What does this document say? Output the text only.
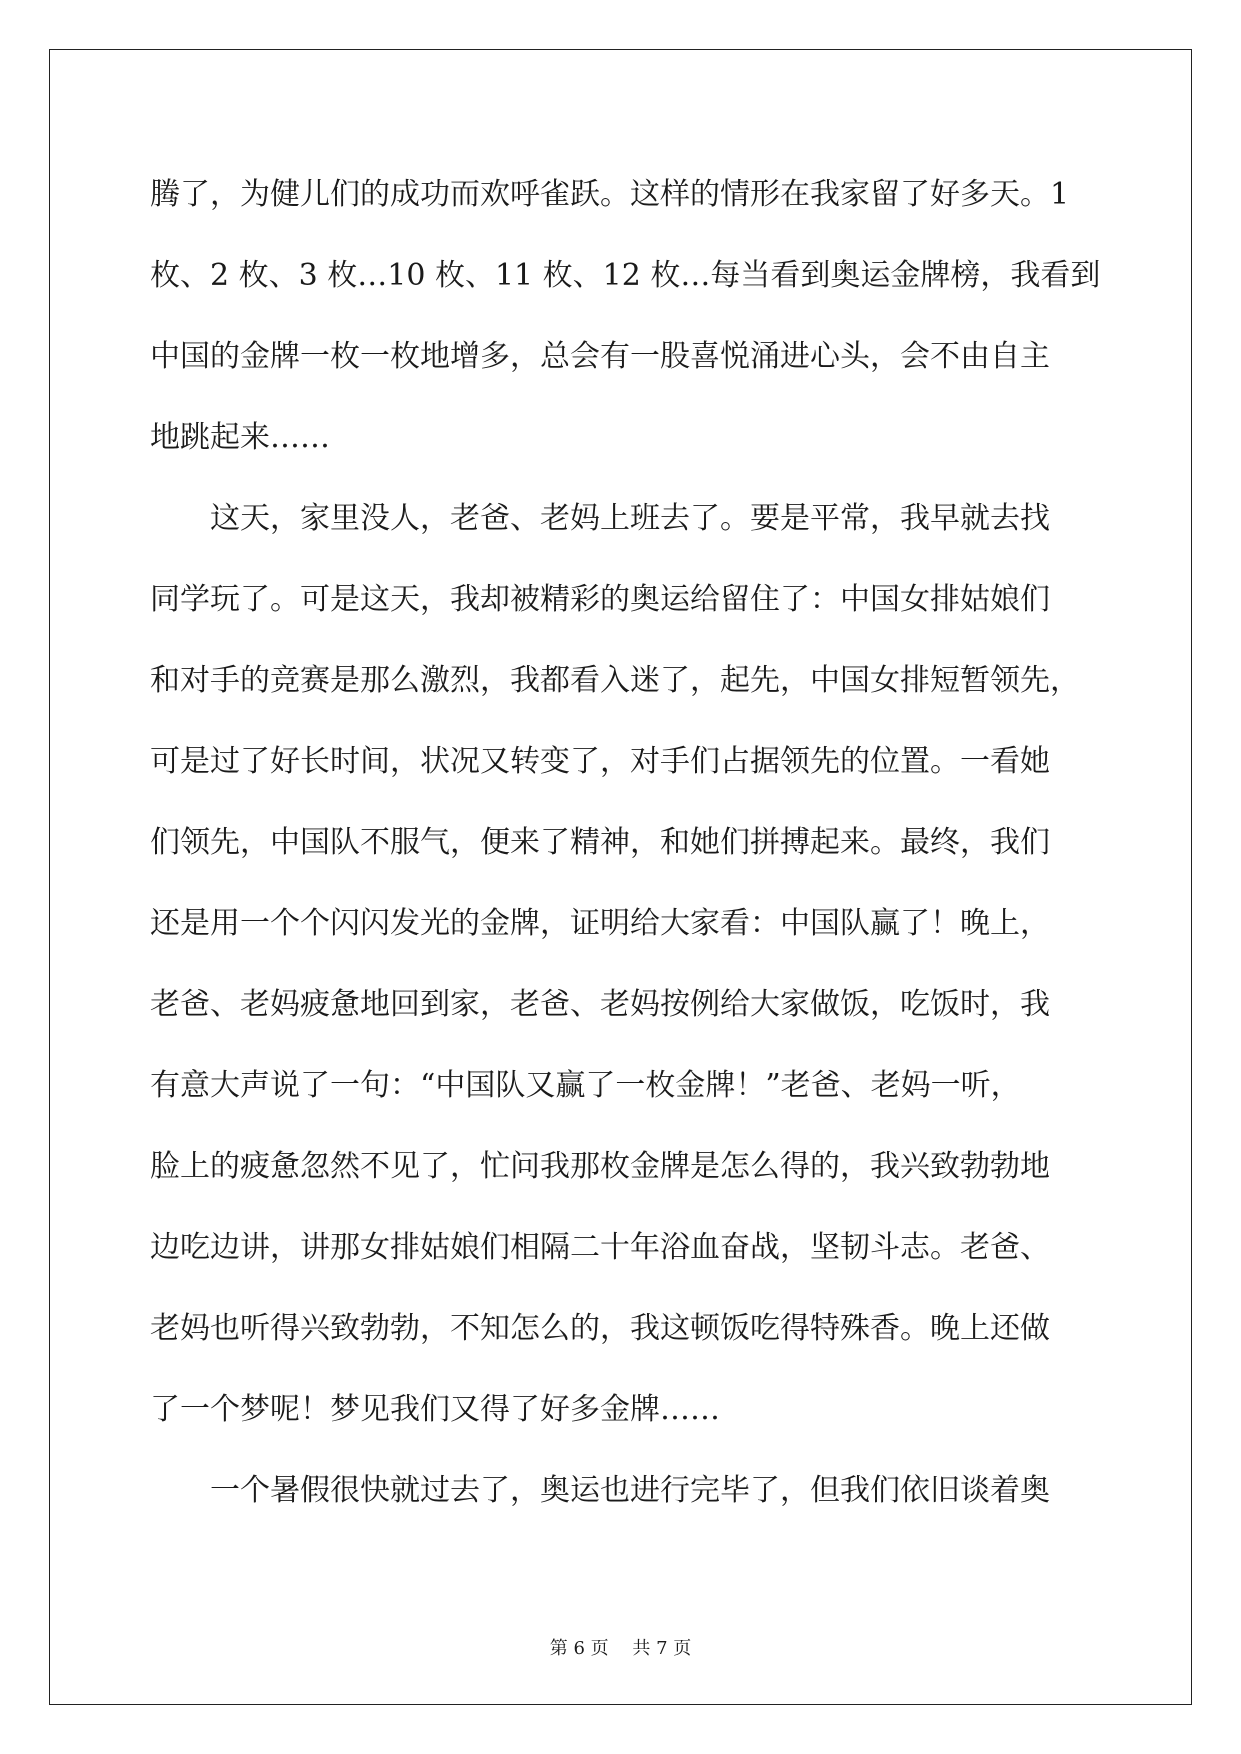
腾了，为健儿们的成功而欢呼雀跃。这样的情形在我家留了好多天。1
枚、2 枚、3 枚…10 枚、11 枚、12 枚…每当看到奥运金牌榜，我看到
中国的金牌一枚一枚地增多，总会有一股喜悦涌进心头，会不由自主
地跳起来……
这天，家里没人，老爸、老妈上班去了。要是平常，我早就去找
同学玩了。可是这天，我却被精彩的奥运给留住了：中国女排姑娘们
和对手的竞赛是那么激烈，我都看入迷了，起先，中国女排短暂领先，
可是过了好长时间，状况又转变了，对手们占据领先的位置。一看她
们领先，中国队不服气，便来了精神，和她们拼搏起来。最终，我们
还是用一个个闪闪发光的金牌，证明给大家看：中国队赢了！晚上，
老爸、老妈疲惫地回到家，老爸、老妈按例给大家做饭，吃饭时，我
有意大声说了一句：“中国队又赢了一枚金牌！”老爸、老妈一听，
脸上的疲惫忽然不见了，忙问我那枚金牌是怎么得的，我兴致勃勃地
边吃边讲，讲那女排姑娘们相隔二十年浴血奋战，坚韧斗志。老爸、
老妈也听得兴致勃勃，不知怎么的，我这顿饭吃得特殊香。晚上还做
了一个梦呢！梦见我们又得了好多金牌……
一个暑假很快就过去了，奥运也进行完毕了，但我们依旧谈着奥
第 6 页 共 7 页
